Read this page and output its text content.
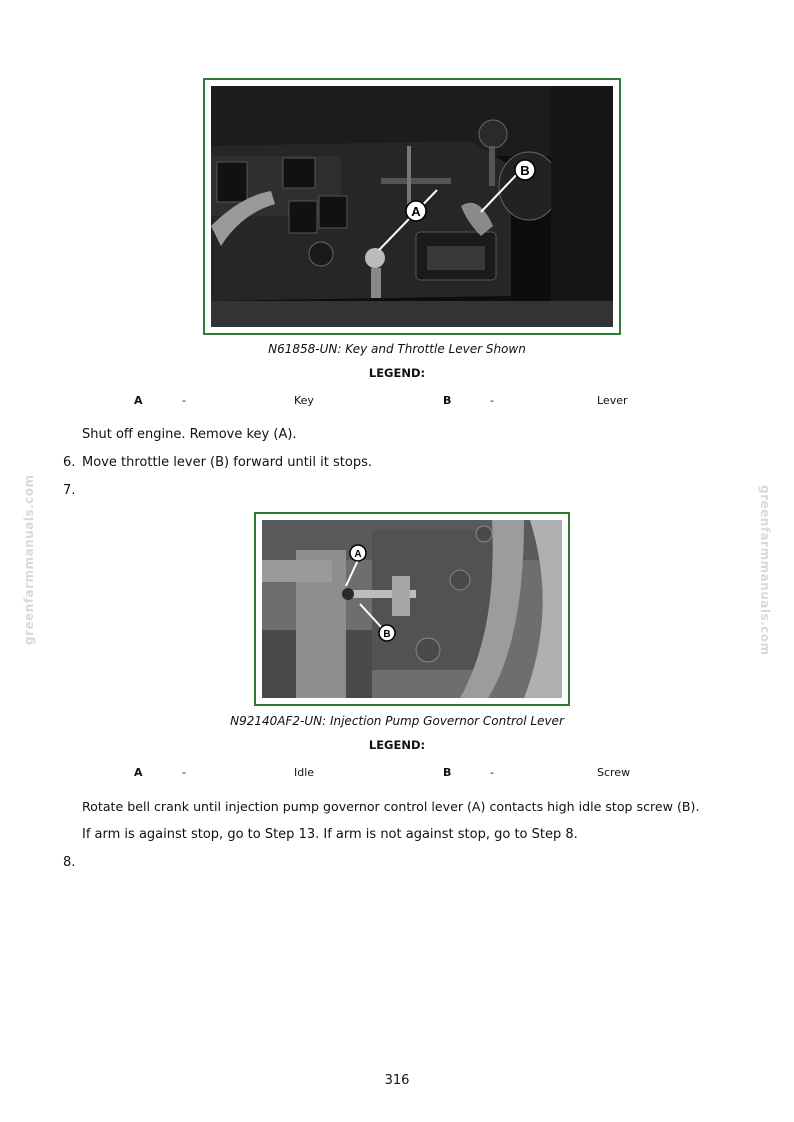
greenfarmmanuals.com	greenfarmmanuals.com
A
B
N61858-UN: Key and Throttle Lever Shown
LEGEND:
A	-	Key	B	-	Lever
Shut off engine. Remove key (A).
6. Move throttle lever (B) forward until it stops.
7.
A
B
N92140AF2-UN: Injection Pump Governor Control Lever
LEGEND:
A	-	Idle	B	-	Screw
Rotate bell crank until injection pump governor control lever (A) contacts high idle stop screw (B).
If arm is against stop, go to Step 13. If arm is not against stop, go to Step 8.
8.
316
